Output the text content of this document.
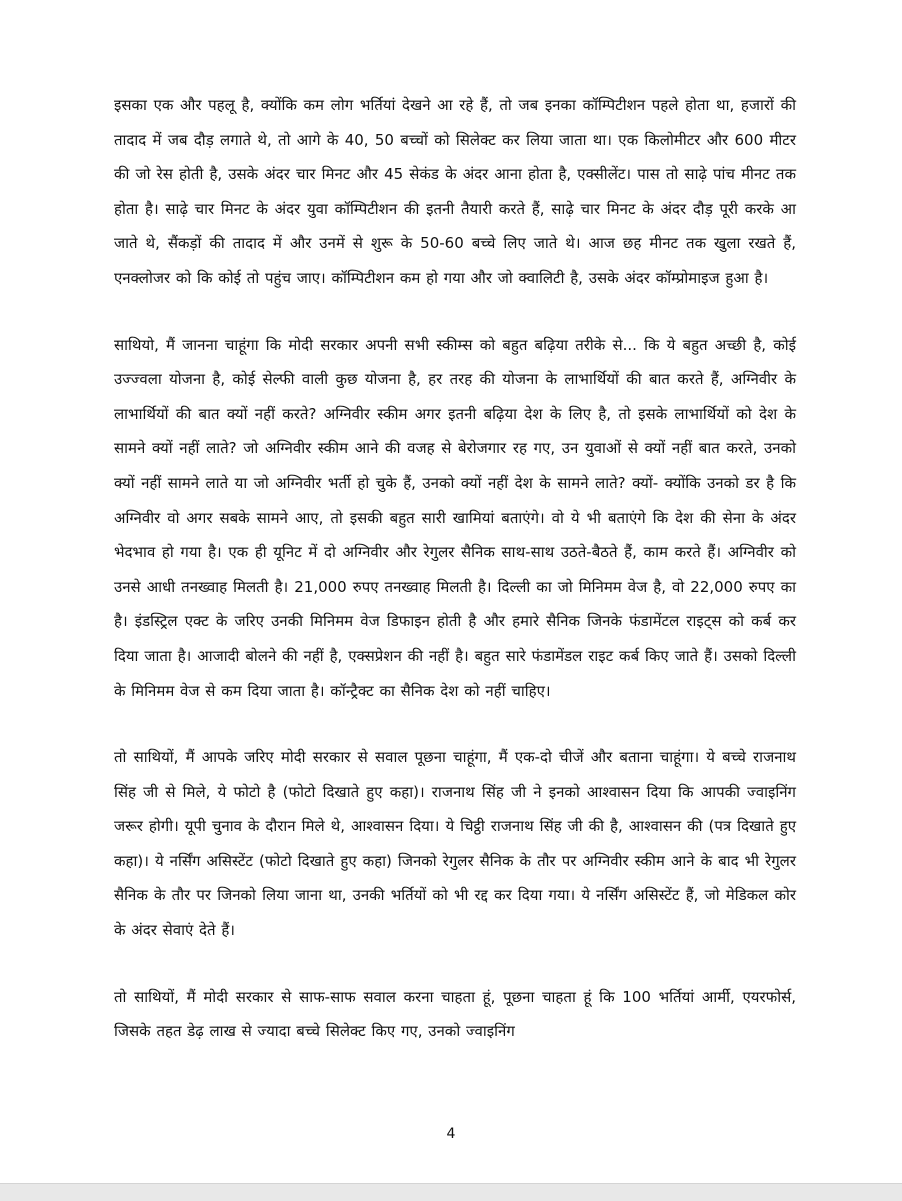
इसका एक और पहलू है, क्योंकि कम लोग भर्तियां देखने आ रहे हैं, तो जब इनका कॉम्पिटीशन पहले होता था, हजारों की तादाद में जब दौड़ लगाते थे, तो आगे के 40, 50 बच्चों को सिलेक्ट कर लिया जाता था। एक किलोमीटर और 600 मीटर की जो रेस होती है, उसके अंदर चार मिनट और 45 सेकंड के अंदर आना होता है, एक्सीलेंट। पास तो साढ़े पांच मीनट तक होता है। साढ़े चार मिनट के अंदर युवा कॉम्पिटीशन की इतनी तैयारी करते हैं, साढ़े चार मिनट के अंदर दौड़ पूरी करके आ जाते थे, सैंकड़ों की तादाद में और उनमें से शुरू के 50-60 बच्चे लिए जाते थे। आज छह मीनट तक खुला रखते हैं, एनक्लोजर को कि कोई तो पहुंच जाए। कॉम्पिटीशन कम हो गया और जो क्वालिटी है, उसके अंदर कॉम्प्रोमाइज हुआ है।

साथियो, मैं जानना चाहूंगा कि मोदी सरकार अपनी सभी स्कीम्स को बहुत बढ़िया तरीके से... कि ये बहुत अच्छी है, कोई उज्ज्वला योजना है, कोई सेल्फी वाली कुछ योजना है, हर तरह की योजना के लाभार्थियों की बात करते हैं, अग्निवीर के लाभार्थियों की बात क्यों नहीं करते? अग्निवीर स्कीम अगर इतनी बढ़िया देश के लिए है, तो इसके लाभार्थियों को देश के सामने क्यों नहीं लाते? जो अग्निवीर स्कीम आने की वजह से बेरोजगार रह गए, उन युवाओं से क्यों नहीं बात करते, उनको क्यों नहीं सामने लाते या जो अग्निवीर भर्ती हो चुके हैं, उनको क्यों नहीं देश के सामने लाते? क्यों- क्योंकि उनको डर है कि अग्निवीर वो अगर सबके सामने आए, तो इसकी बहुत सारी खामियां बताएंगे। वो ये भी बताएंगे कि देश की सेना के अंदर भेदभाव हो गया है। एक ही यूनिट में दो अग्निवीर और रेगुलर सैनिक साथ-साथ उठते-बैठते हैं, काम करते हैं। अग्निवीर को उनसे आधी तनख्वाह मिलती है। 21,000 रुपए तनख्वाह मिलती है। दिल्ली का जो मिनिमम वेज है, वो 22,000 रुपए का है। इंडस्ट्रिल एक्ट के जरिए उनकी मिनिमम वेज डिफाइन होती है और हमारे सैनिक जिनके फंडामेंटल राइट्स को कर्ब कर दिया जाता है। आजादी बोलने की नहीं है, एक्सप्रेशन की नहीं है। बहुत सारे फंडामेंडल राइट कर्ब किए जाते हैं। उसको दिल्ली के मिनिमम वेज से कम दिया जाता है। कॉन्ट्रैक्ट का सैनिक देश को नहीं चाहिए।

तो साथियों, मैं आपके जरिए मोदी सरकार से सवाल पूछना चाहूंगा, मैं एक-दो चीजें और बताना चाहूंगा। ये बच्चे राजनाथ सिंह जी से मिले, ये फोटो है (फोटो दिखाते हुए कहा)। राजनाथ सिंह जी ने इनको आश्वासन दिया कि आपकी ज्वाइनिंग जरूर होगी। यूपी चुनाव के दौरान मिले थे, आश्वासन दिया। ये चिट्ठी राजनाथ सिंह जी की है, आश्वासन की (पत्र दिखाते हुए कहा)। ये नर्सिंग असिस्टेंट (फोटो दिखाते हुए कहा) जिनको रेगुलर सैनिक के तौर पर अग्निवीर स्कीम आने के बाद भी रेगुलर सैनिक के तौर पर जिनको लिया जाना था, उनकी भर्तियों को भी रद्द कर दिया गया। ये नर्सिंग असिस्टेंट हैं, जो मेडिकल कोर के अंदर सेवाएं देते हैं।

तो साथियों, मैं मोदी सरकार से साफ-साफ सवाल करना चाहता हूं, पूछना चाहता हूं कि 100 भर्तियां आर्मी, एयरफोर्स, जिसके तहत डेढ़ लाख से ज्यादा बच्चे सिलेक्ट किए गए, उनको ज्वाइनिंग

4
